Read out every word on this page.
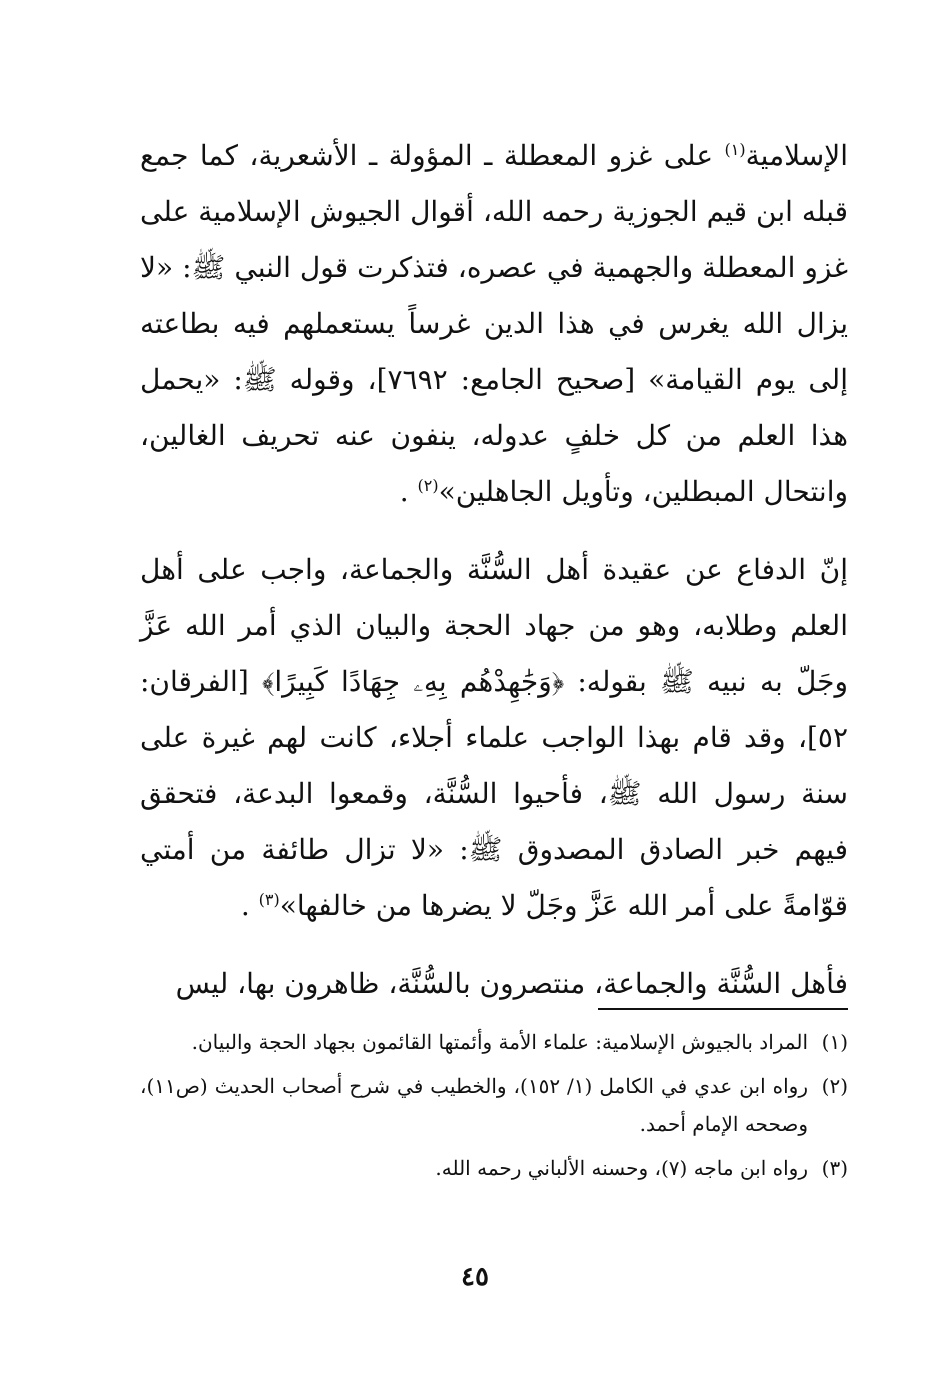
الإسلامية$^{(١)}$ على غزو المعطلة ـ المؤولة ـ الأشعرية، كما جمع قبله ابن قيم الجوزية رحمه الله، أقوال الجيوش الإسلامية على غزو المعطلة والجهمية في عصره، فتذكرت قول النبي ﷺ: «لا يزال الله يغرس في هذا الدين غرساً يستعملهم فيه بطاعته إلى يوم القيامة» [صحيح الجامع: ٧٦٩٢]، وقوله ﷺ: «يحمل هذا العلم من كل خلفٍ عدوله، ينفون عنه تحريف الغالين، وانتحال المبطلين، وتأويل الجاهلين»$^{(٢)}$ .

إنّ الدفاع عن عقيدة أهل السُّنَّة والجماعة، واجب على أهل العلم وطلابه، وهو من جهاد الحجة والبيان الذي أمر الله عَزَّ وجَلّ به نبيه ﷺ بقوله: ﴿وَجَٰهِدْهُم بِهِۦ جِهَادًا كَبِيرًا﴾ [الفرقان: ٥٢]، وقد قام بهذا الواجب علماء أجلاء، كانت لهم غيرة على سنة رسول الله ﷺ، فأحيوا السُّنَّة، وقمعوا البدعة، فتحقق فيهم خبر الصادق المصدوق ﷺ: «لا تزال طائفة من أمتي قوّامةً على أمر الله عَزَّ وجَلّ لا يضرها من خالفها»$^{(٣)}$ .

فأهل السُّنَّة والجماعة، منتصرون بالسُّنَّة، ظاهرون بها، ليس

(١)
المراد بالجيوش الإسلامية: علماء الأمة وأئمتها القائمون بجهاد الحجة والبيان.
(٢)
رواه ابن عدي في الكامل (١/ ١٥٢)، والخطيب في شرح أصحاب الحديث (ص١١)، وصححه الإمام أحمد.
(٣)
رواه ابن ماجه (٧)، وحسنه الألباني رحمه الله.
٤٥
